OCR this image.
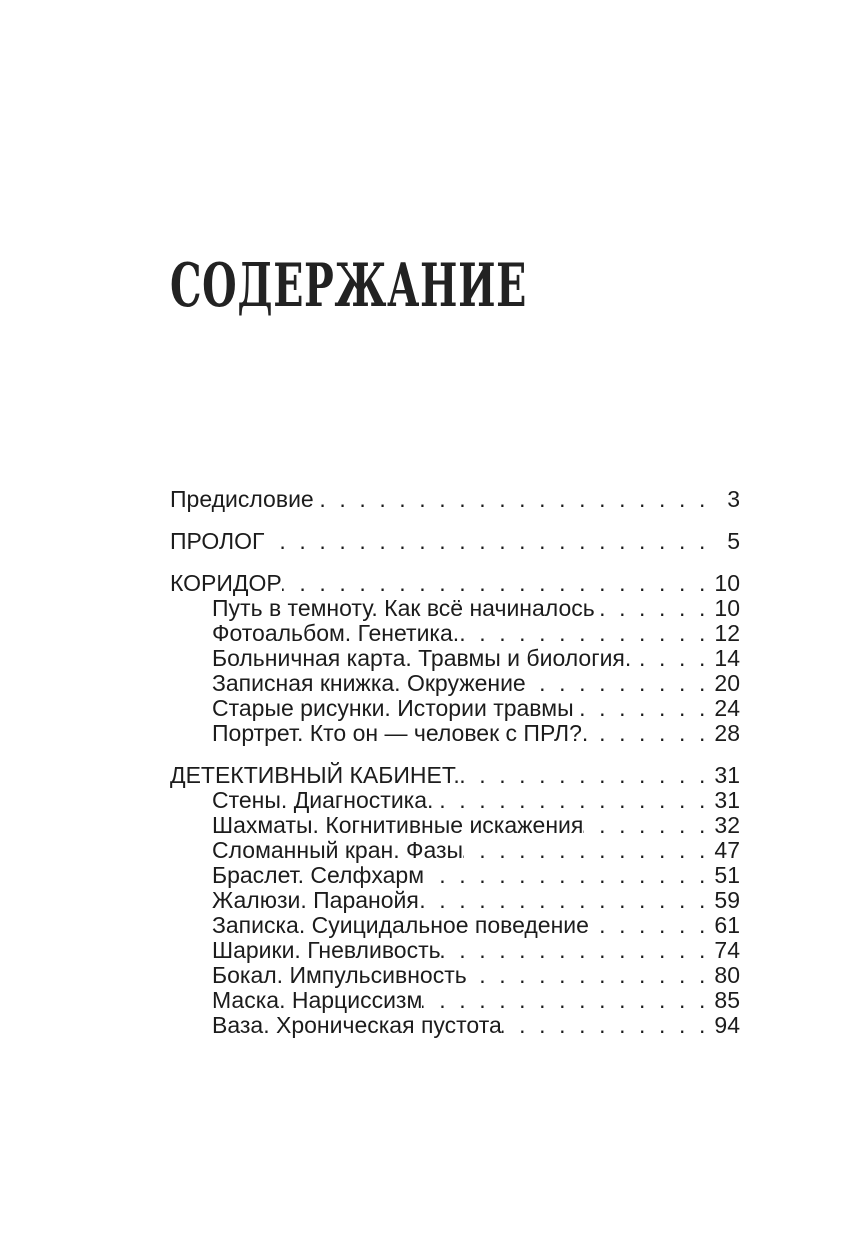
СОДЕРЖАНИЕ
Предисловие . . .	3
ПРОЛОГ . . .	5
КОРИДОР . . .	10
Путь в темноту. Как всё начиналось . . .	10
Фотоальбом. Генетика. . . .	12
Больничная карта. Травмы и биология. . . .	14
Записная книжка. Окружение . . .	20
Старые рисунки. Истории травмы . . .	24
Портрет. Кто он — человек с ПРЛ?. . . .	28
ДЕТЕКТИВНЫЙ КАБИНЕТ. . . .	31
Стены. Диагностика. . . .	31
Шахматы. Когнитивные искажения . . .	32
Сломанный кран. Фазы . . .	47
Браслет. Селфхарм . . .	51
Жалюзи. Паранойя . . .	59
Записка. Суицидальное поведение . . .	61
Шарики. Гневливость . . .	74
Бокал. Импульсивность . . .	80
Маска. Нарциссизм . . .	85
Ваза. Хроническая пустота . . .	94
